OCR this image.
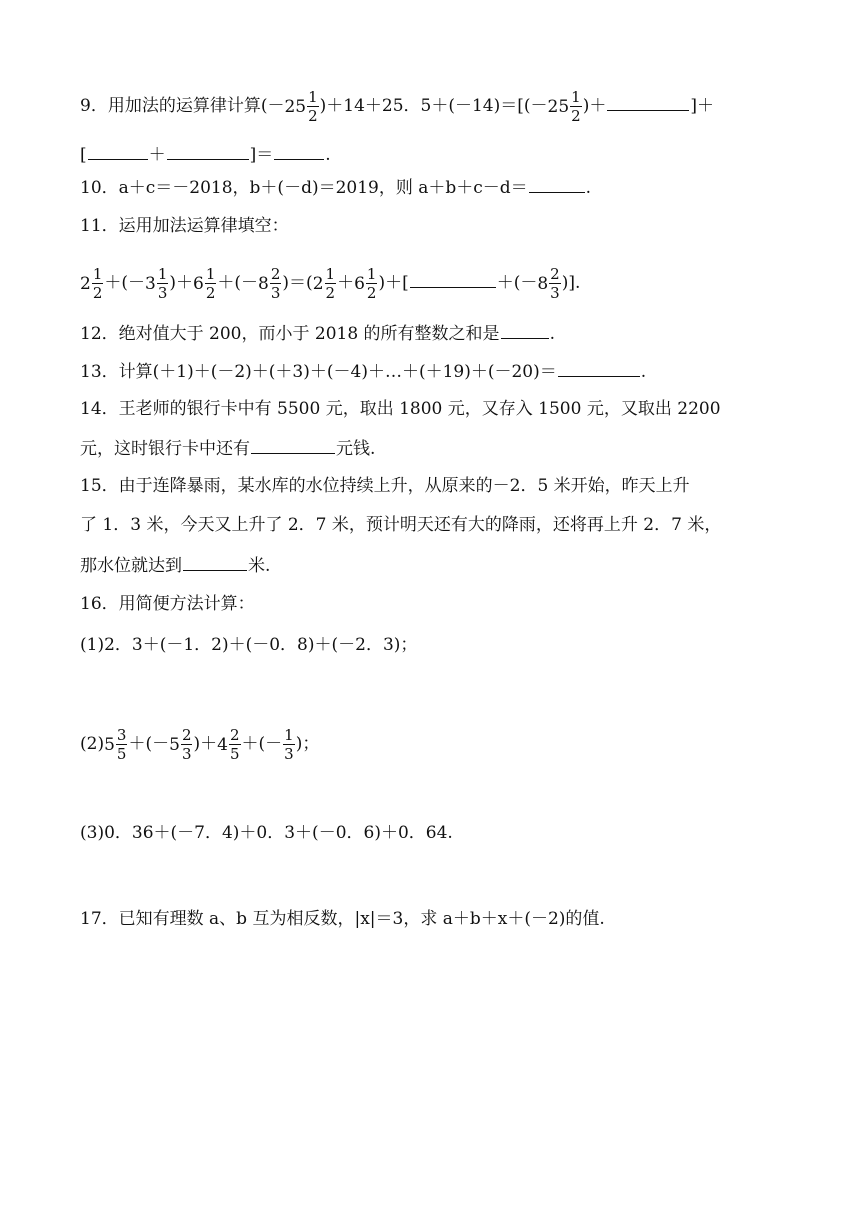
9．用加法的运算律计算$(-25 \frac{1}{2} )+14+25$．$5+(-14)=[(-25 \frac{1}{2}$ )＋	]＋
[	＋	]＝	.
10．a＋c＝－2018，b＋(－d)＝2019，则 a＋b＋c－d＝	.
11．运用加法运算律填空：
$2 \frac{1}{2} +(-3 \frac{1}{3} )+6 \frac{1}{2} +(-8 \frac{2}{3} )=(2 \frac{1}{2} +6 \frac{1}{2}$ )＋[	$+(-8 \frac{2}{3}$ )].
12．绝对值大于 200，而小于 2018 的所有整数之和是	.
13．计算(＋1)＋(－2)＋(＋3)＋(－4)＋…＋(＋19)＋(－20)＝	.
14．王老师的银行卡中有 5500 元，取出 1800 元，又存入 1500 元，又取出 2200
元，这时银行卡中还有	元钱.
15．由于连降暴雨，某水库的水位持续上升，从原来的－2．5 米开始，昨天上升
了 1．3 米，今天又上升了 2．7 米，预计明天还有大的降雨，还将再上升 2．7 米，
那水位就达到	米.
16．用简便方法计算：
(1)2．3＋(－1．2)＋(－0．8)＋(－2．3)；
$(2)5 \frac{3}{5} +(-5 \frac{2}{3} )+4 \frac{2}{5}$ ＋(－ $\frac{1}{3}$ )；
(3)0．36＋(－7．4)＋0．3＋(－0．6)＋0．64.
17．已知有理数 a、b 互为相反数，|x|＝3，求 a＋b＋x＋(－2)的值.
